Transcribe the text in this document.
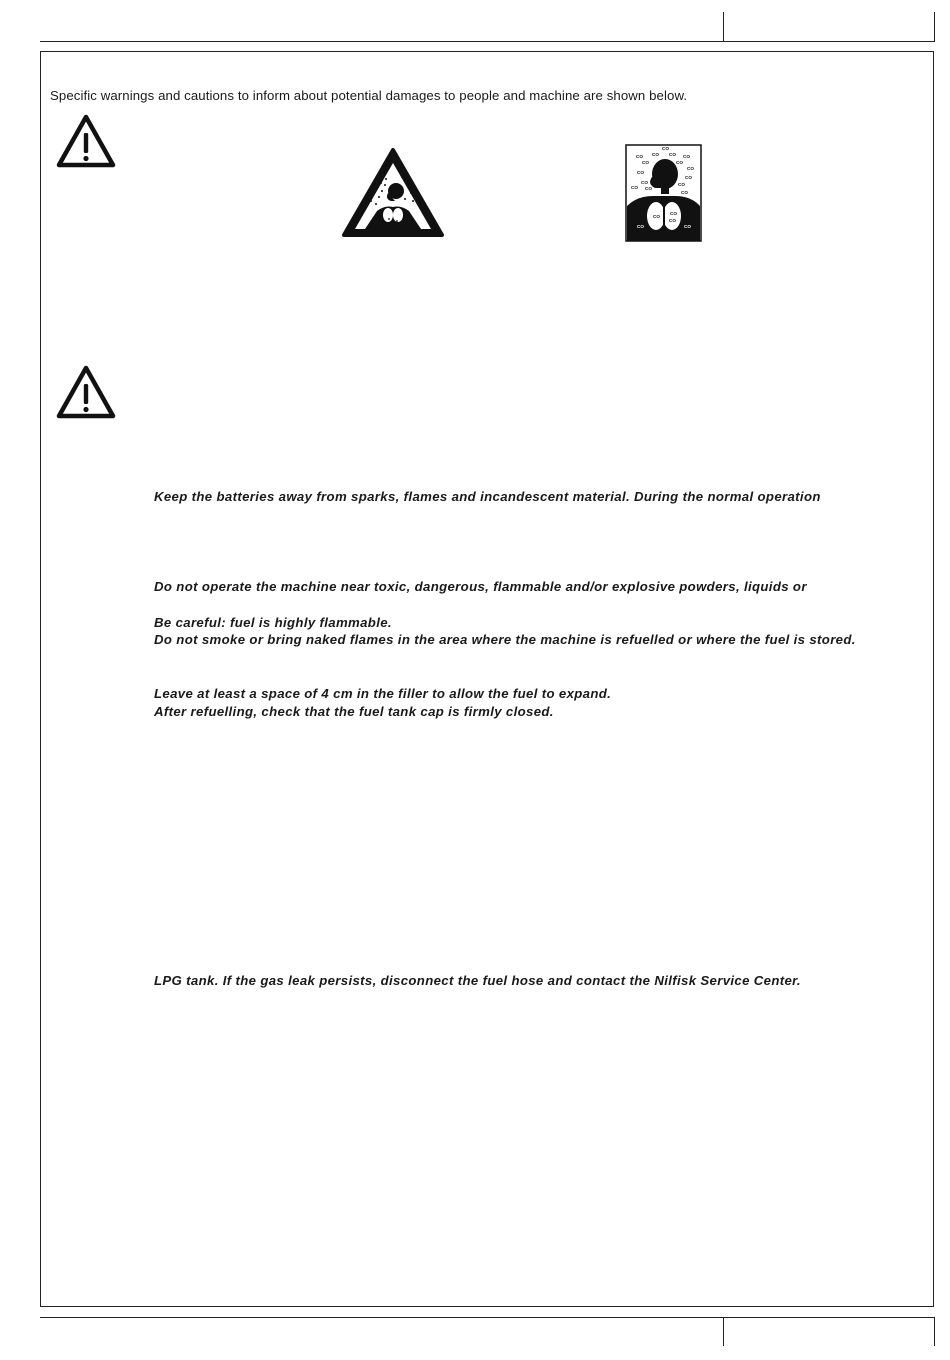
Specific warnings and cautions to inform about potential damages to people and machine are shown below.
CO
CO CO CO CO
CO
CO
CO
CO
CO
CO
CO CO
CO
CO
CO
CO
CO
CO
CO	CO
Keep the batteries away from sparks, flames and incandescent material. During the normal operation
Do not operate the machine near toxic, dangerous, flammable and/or explosive powders, liquids or
Be careful: fuel is highly flammable.
Do not smoke or bring naked flames in the area where the machine is refuelled or where the fuel is stored.
Leave at least a space of 4 cm in the filler to allow the fuel to expand.
After refuelling, check that the fuel tank cap is firmly closed.
LPG tank. If the gas leak persists, disconnect the fuel hose and contact the Nilfisk Service Center.
